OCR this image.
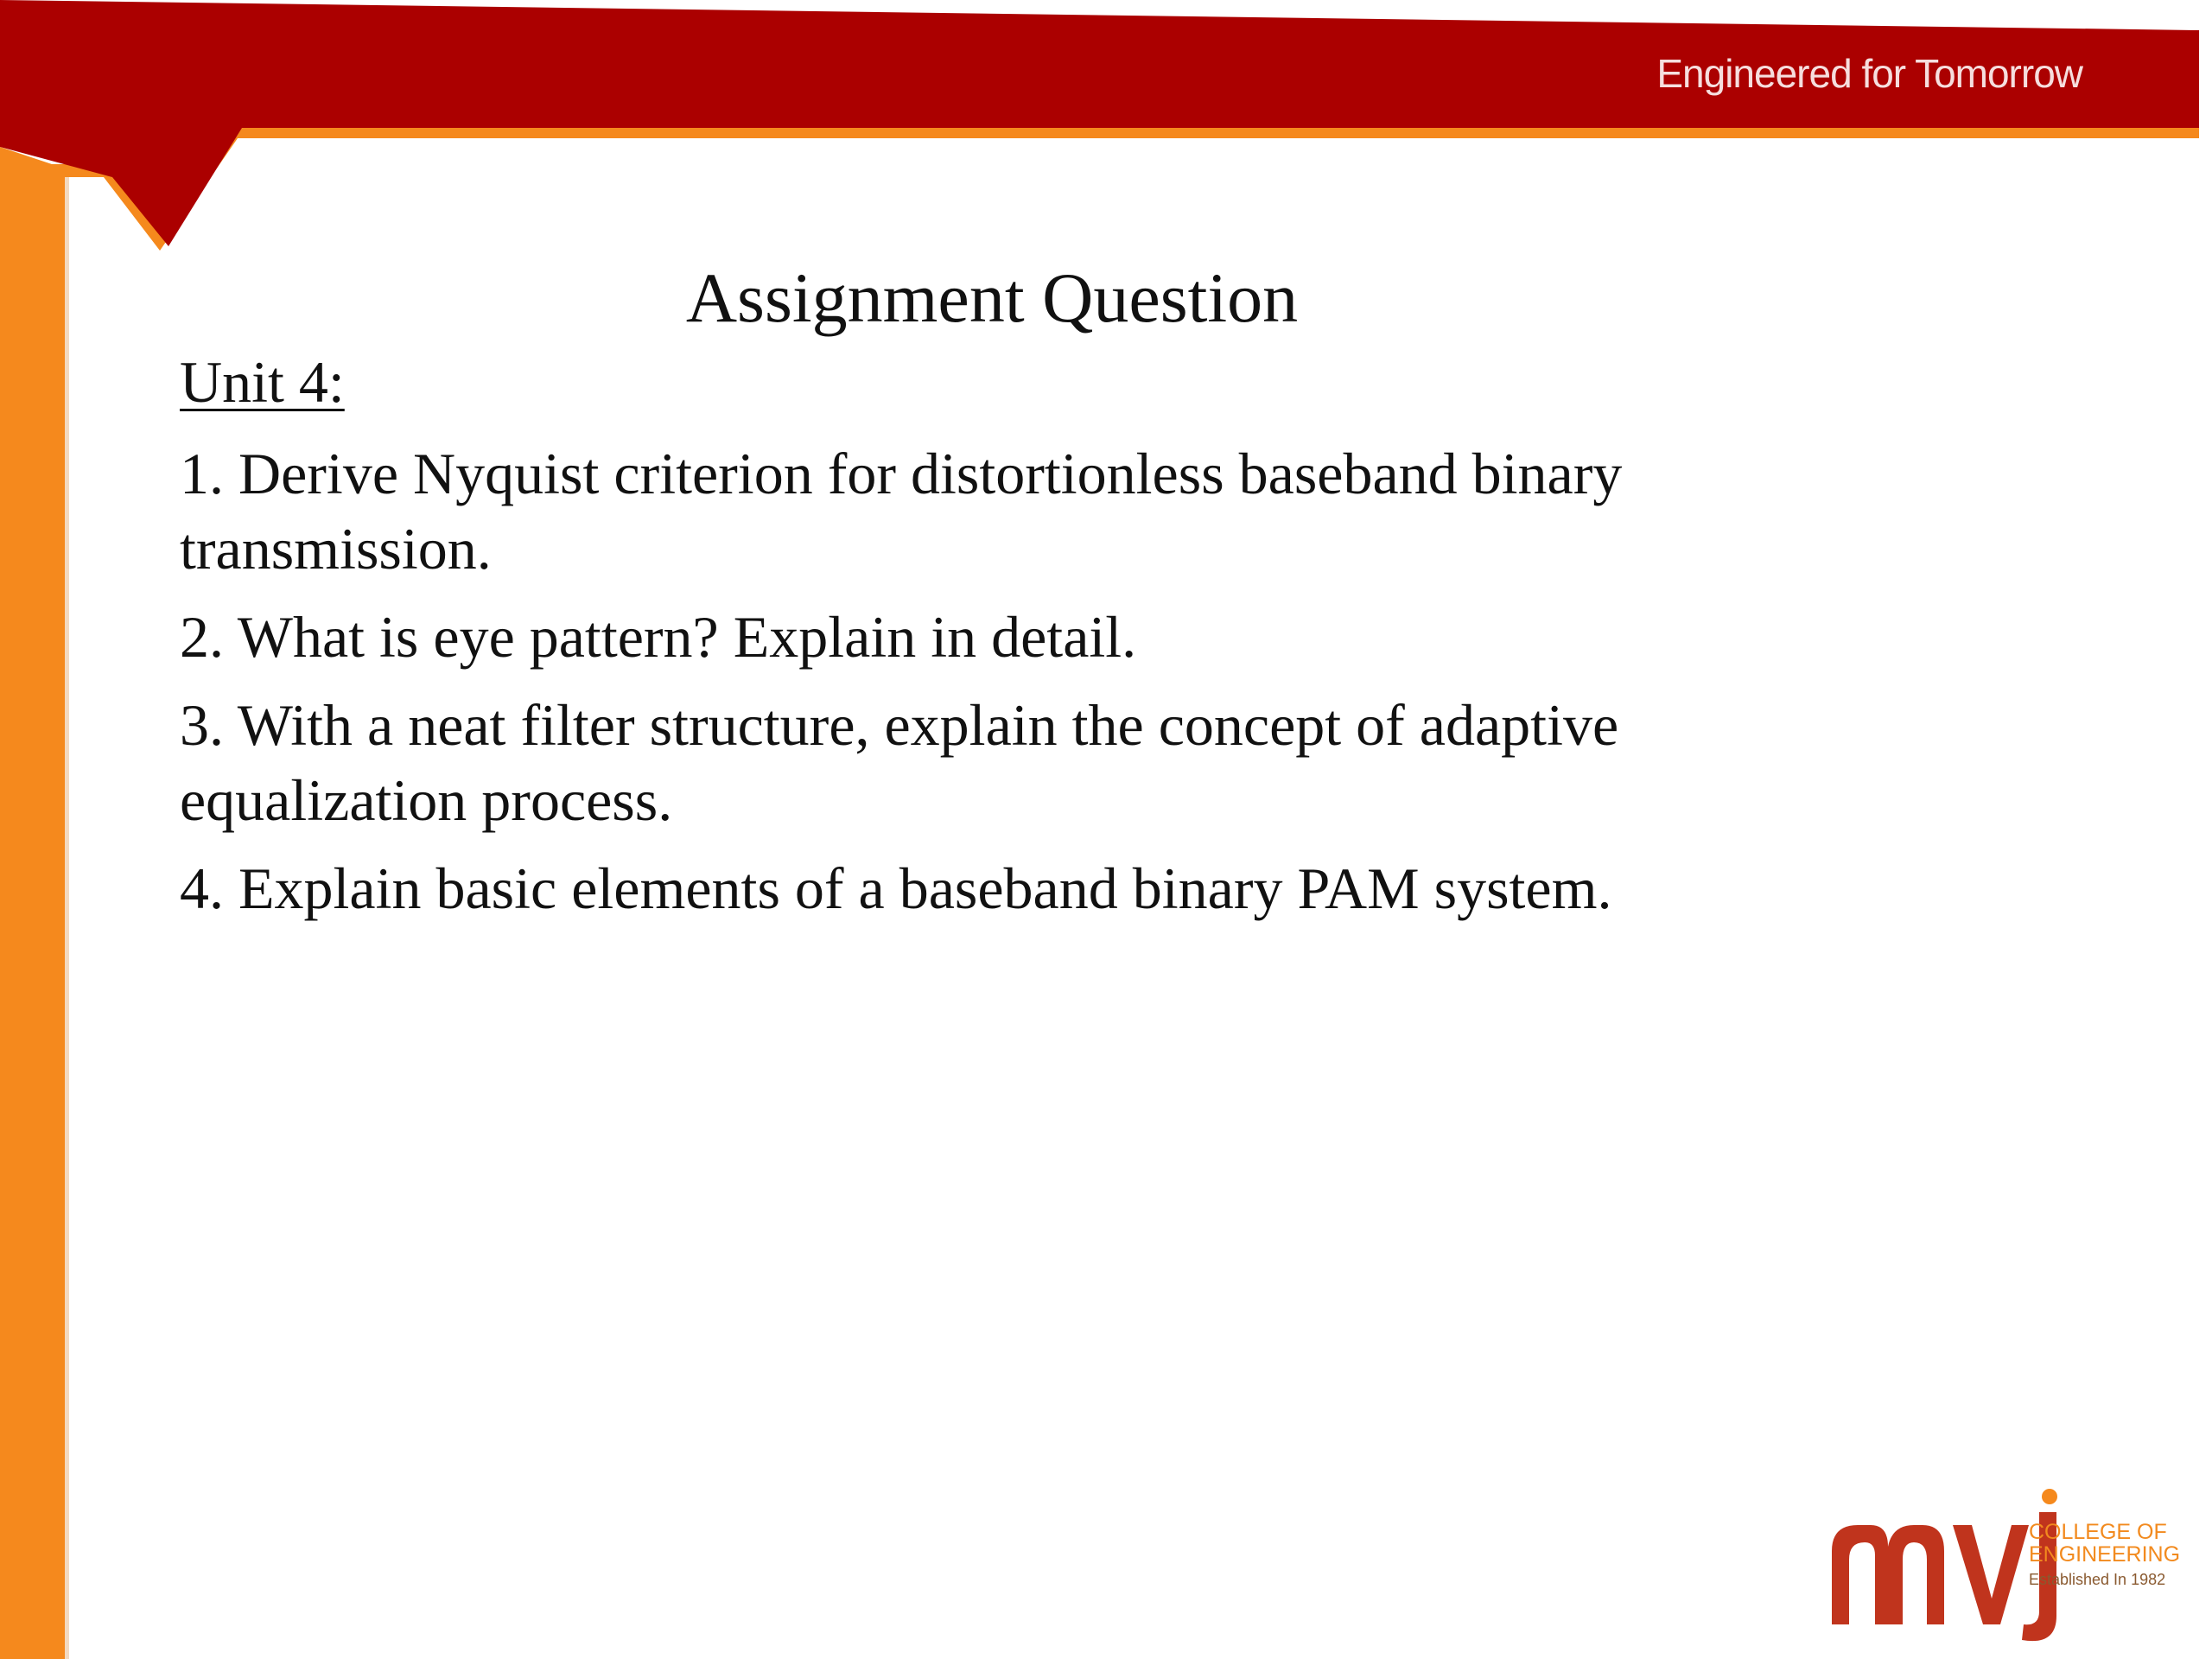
Engineered for Tomorrow
Assignment Question

Unit 4:

1. Derive Nyquist criterion for distortionless baseband binary transmission.
2. What is eye pattern? Explain in detail.
3. With a neat filter structure, explain the concept of adaptive equalization process.
4. Explain basic elements of a baseband binary PAM system.
COLLEGE OF
ENGINEERING
Established In 1982
